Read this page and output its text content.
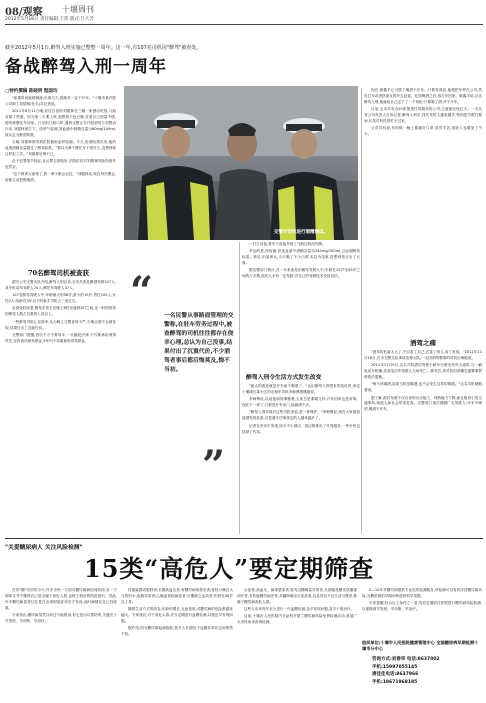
08/观察 十堰周刊
2012年5月18日 责任编辑:王玮 版式:吕大芳
截至2012年5月1日,醉驾入刑实施已整整一周年。这一年,有107名司机因"醉驾"被查处。
备战醉驾入刑一周年
□特约撰稿 陈晓明 程国均

"如果时间能够倒流,出事当天,我绝对一定不开车。"十堰市某汽配公司职工刘德林(化名)对记者说。

2011年6月11日晚,家住白浪的刘德林在三堰一家酒店吃饭,与朋友喝了些酒。因为第二天要上班,他想着天色已晚,仗着自己酒量不错,便驾驶摩托车回家。行至浙江路口时,遇到交警正在开展酒驾专项整治行动,刘德林被拦下。经呼气检测,其血液中酒精含量为80mg/100ml,被认定为醉酒驾驶。

当晚,刘德林被带到医院抽取血样检测。不久,检测结果出来,他的血液酒精含量超过了醉驾标准。"我以为骑个摩托车不算什么,没想到就这样犯了法。"刘德林后悔不已。

由于犯罪情节较轻,且认罪态度较好,法院依法对刘德林判处拘役并处罚金。

"这个教训太深刻了,我一辈子都会记住。"刘德林说,现在每次聚会,他都主动拒绝喝酒。

70名醉驾司机被查获

据市公安交警支队介绍,醉驾入刑以来,全市共查处醉酒驾驶107人,其中机动车驾驶人70人,摩托车驾驶人37人。

107名醉驾驾驶人中,年龄最大的58岁,最小的19岁;男性105人,女性2人;驾龄在3年以下的新手司机占三成左右。

从查处时间看,醉驾多发生在晚上8时至凌晨2时之间,这一时段查获的醉驾人数占总数的七成以上。

一些醉驾司机心存侥幸,认为晚上交警查得不严,少喝点酒不会被发现,结果付出了沉重代价。

交警部门提醒,酒后千万不要驾车,一旦触犯法律,不仅要承担刑事责任,还将被吊销驾驶证,5年内不得重新取得驾驶证。

交警对司机进行酒精测试。
“
”
一名民警从事路面管理的交警称,在驻车劳务过程中,被查醉驾的司机往往都存在侥幸心理,总认为自己没事,结果付出了沉重代价,不少酒驾者事后都后悔莫及,悔不当初。

一打方向盘,将车子直接开到了马路边的河内侧。

幸运的是,经检测,田某血液中酒精含量为240mg/100ml,已远超醉驾标准。事后,田某承认,当天喝了不少白酒,本以为没事,没想到差点出了大事。

据交警部门统计,在一年来查处的醉驾驾驶人中,年龄在25岁至45岁之间的占多数,他们大多有一定驾龄,对自己的驾驶技术比较自信。

醉驾入刑令生活方式发生改变

"最大的改变就是开车前不喝酒了。"认识醉驾入刑带来的变化时,家住十堰城区某小区的出租车司机李师傅感慨地说。

李师傅说,以前他和同事聚餐,大家总是要喝几杯,开车回家也是常事。现在不一样了,只要是开车出门,他滴酒不沾。

"醉驾入刑对我们这些司机来说,是一种保护。"李师傅说,现在大家都知道酒驾的危害,自觉遵守法律规定的人越来越多了。

记者在采访中发现,如今不少酒店、饭店都推出了代驾服务,一些市民也选择了代驾。

现在,黄鑫平已习惯了喝酒不开车。只要有饭局,他便把车停在公司,然后打车或者搭朋友的车去赴宴。吃饭喝酒之后,再打车回家。黄鑫平说,自从醉驾入刑,他就给自己定下了一个规矩:只要喝了酒,决不开车。

目前,全市共有近20家提供代驾服务的公司,生意都比较红火。一名代驾公司负责人告诉记者,醉驾入刑后,找代驾的人越来越多,特别是节假日期间,代驾司机经常忙不过来。

公司司机说,有时候一晚上要跑好几单,虽然辛苦,但收入也增加了不少。

酒驾之痛

"酒驾的危害太大了,不仅害了自己,还害了别人,害了家庭。"2011年11月16日,在市交警支队事故处理大队,一名因酒驾肇事的司机后悔地说。

2011年11月9日,这名司机酒后驾驶小轿车行驶至东风大道时,与一辆电动车相撞,造成电动车驾驶人当场死亡。事发后,该司机因涉嫌交通肇事罪被依法逮捕。

"悔不该喝酒,如果当时没喝酒,也不会发生这样的惨剧。"这名司机哽咽着说。

据了解,酒后驾驶不仅自身的反应能力、判断能力下降,而且极易引发交通事故,给他人和社会带来危害。交警部门再次提醒广大驾驶人:开车不喝酒,喝酒不开车。

"关爱糖尿病人 关注风险检测"
15类“高危人”要定期筛查

在该"糖"仿效的今天,许多市民一方面对糖尿病病因闻若惊,另一方面却又并不懂得自己是否属于高危人群,也缺乏相应的防范意识。因此,许多糖尿病患者往往是在出现明显症状后才发现,此时病情往往已经较重。

专家指出,糖尿病虽然目前还不能根治,但它是可以预防的,关键在于早发现、早诊断、早治疗。

体重偏胖或肥胖者;长期高血压者;有糖尿病家族史者;曾经分娩巨大儿的妇女;血脂异常者;心脑血管疾病患者;长期缺乏运动者;年龄在40岁以上者。

随着生活方式的改变,年龄的增长,无论是谁,对糖尿病的危险都越来越大。专家建议,对于高危人群,应当定期进行血糖检测,以便及早发现问题。

据介绍,因为糖尿病起病隐匿,很多人长期处于血糖异常状态却浑然不知。

合征者,高血压、病毒感染者,曾有过糖耐量异常者,长期接受糖皮质激素治疗者,有妊娠糖尿病史者,多囊卵巢综合征患者,以及具有不良生活习惯者,都属于糖尿病高危人群。

这些人应该每年至少进行一次血糖检测,及早发现问题,及早干预治疗。

目前,十堰市人民医院内分泌科开展了糖尿病风险免费检测活动,欢迎广大市民前来咨询检测。

5—10年对糖尿病提供专业化的检测服务,该检测可以有效评估糖尿病风险,为糖尿病的早期诊断提供科学依据。

专家提醒,符合以上条件之一者,均应定期前往医院进行糖尿病风险检测,以便做到早发现、早诊断、早治疗。

组织单位:十堰市人民医院健康管理中心 全国糖尿病早期检测十堰市分中心
咨询方式:刘春华 电话:8637002
手机:15997055145
唐佳佳电话:8637966
手机:18671968185
